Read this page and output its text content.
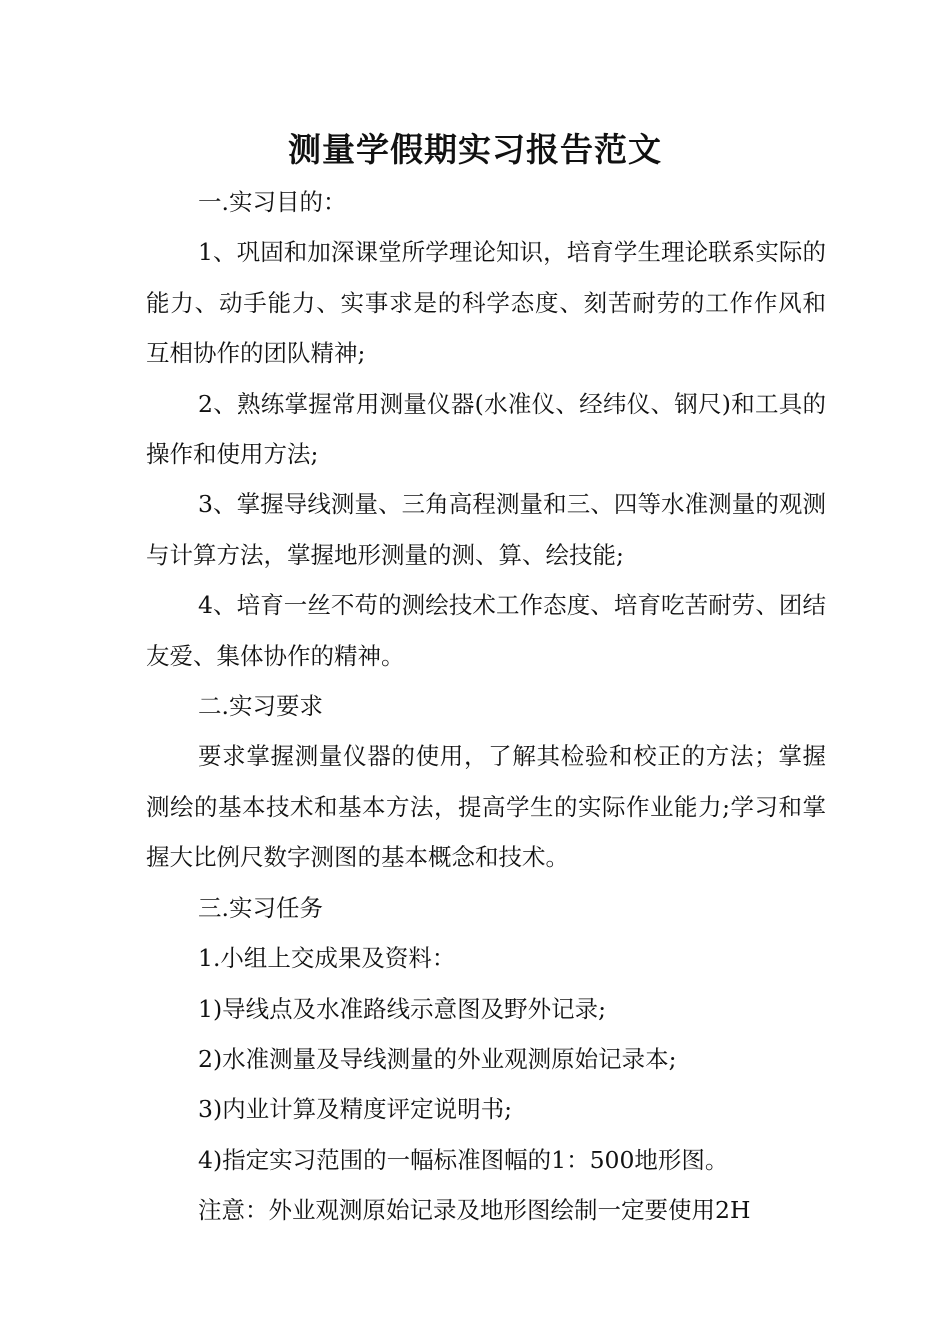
测量学假期实习报告范文

一.实习目的：

1、巩固和加深课堂所学理论知识，培育学生理论联系实际的能力、动手能力、实事求是的科学态度、刻苦耐劳的工作作风和互相协作的团队精神;

2、熟练掌握常用测量仪器(水准仪、经纬仪、钢尺)和工具的操作和使用方法;

3、掌握导线测量、三角高程测量和三、四等水准测量的观测与计算方法，掌握地形测量的测、算、绘技能;

4、培育一丝不苟的测绘技术工作态度、培育吃苦耐劳、团结友爱、集体协作的精神。

二.实习要求

要求掌握测量仪器的使用，了解其检验和校正的方法；掌握测绘的基本技术和基本方法，提高学生的实际作业能力;学习和掌握大比例尺数字测图的基本概念和技术。

三.实习任务

1.小组上交成果及资料：

1)导线点及水准路线示意图及野外记录;

2)水准测量及导线测量的外业观测原始记录本;

3)内业计算及精度评定说明书;

4)指定实习范围的一幅标准图幅的1：500地形图。

注意：外业观测原始记录及地形图绘制一定要使用2H
